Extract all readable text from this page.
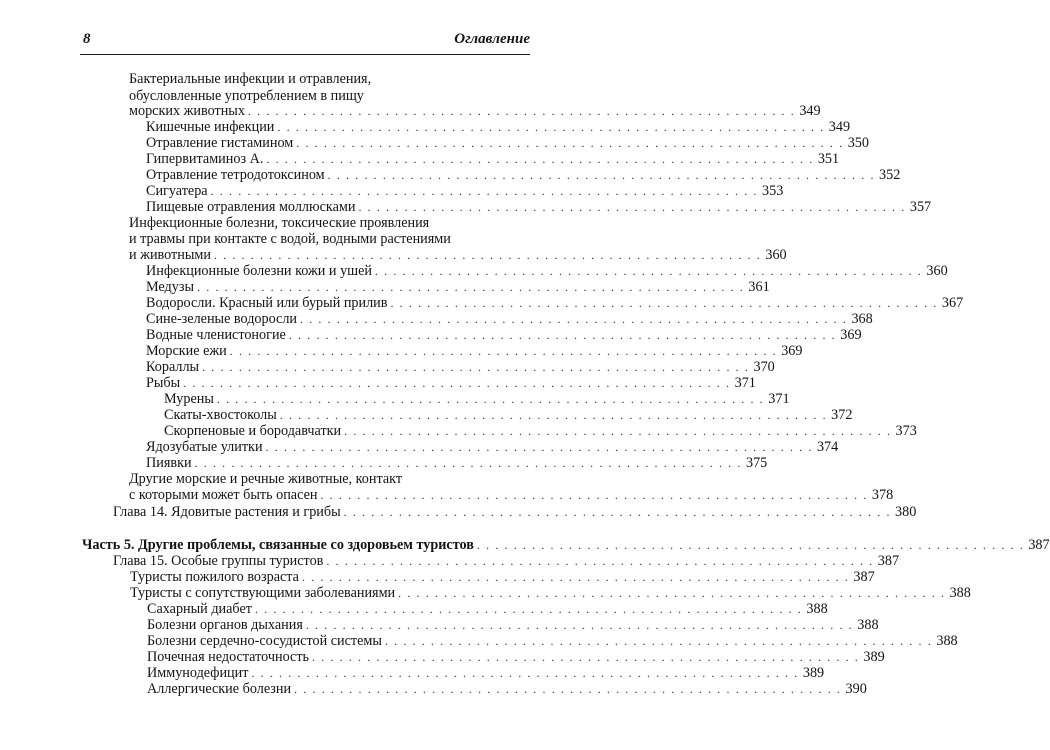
8	Оглавление
Бактериальные инфекции и отравления,
обусловленные употреблением в пищу
морских животных . . . . . . . . . . . . . . . . . . . . . . . . . . . . . . . . . . . . . . . . . . . . . . . . . . . . . . . . . . . . 349
Кишечные инфекции . . . . . . . . . . . . . . . . . . . . . . . . . . . . . . . . . . . . . . . . . . . . . . . . . . . . . . . . . . . . 349
Отравление гистамином . . . . . . . . . . . . . . . . . . . . . . . . . . . . . . . . . . . . . . . . . . . . . . . . . . . . . . . . . . . . 350
Гипервитаминоз А. . . . . . . . . . . . . . . . . . . . . . . . . . . . . . . . . . . . . . . . . . . . . . . . . . . . . . . . . . . . . 351
Отравление тетродотоксином . . . . . . . . . . . . . . . . . . . . . . . . . . . . . . . . . . . . . . . . . . . . . . . . . . . . . . . . . . . . 352
Сигуатера . . . . . . . . . . . . . . . . . . . . . . . . . . . . . . . . . . . . . . . . . . . . . . . . . . . . . . . . . . . . 353
Пищевые отравления моллюсками . . . . . . . . . . . . . . . . . . . . . . . . . . . . . . . . . . . . . . . . . . . . . . . . . . . . . . . . . . . . 357
Инфекционные болезни, токсические проявления
и травмы при контакте с водой, водными растениями
и животными . . . . . . . . . . . . . . . . . . . . . . . . . . . . . . . . . . . . . . . . . . . . . . . . . . . . . . . . . . . . 360
Инфекционные болезни кожи и ушей . . . . . . . . . . . . . . . . . . . . . . . . . . . . . . . . . . . . . . . . . . . . . . . . . . . . . . . . . . . . 360
Медузы . . . . . . . . . . . . . . . . . . . . . . . . . . . . . . . . . . . . . . . . . . . . . . . . . . . . . . . . . . . . 361
Водоросли. Красный или бурый прилив . . . . . . . . . . . . . . . . . . . . . . . . . . . . . . . . . . . . . . . . . . . . . . . . . . . . . . . . . . . . 367
Сине-зеленые водоросли . . . . . . . . . . . . . . . . . . . . . . . . . . . . . . . . . . . . . . . . . . . . . . . . . . . . . . . . . . . . 368
Водные членистоногие . . . . . . . . . . . . . . . . . . . . . . . . . . . . . . . . . . . . . . . . . . . . . . . . . . . . . . . . . . . . 369
Морские ежи . . . . . . . . . . . . . . . . . . . . . . . . . . . . . . . . . . . . . . . . . . . . . . . . . . . . . . . . . . . . 369
Кораллы . . . . . . . . . . . . . . . . . . . . . . . . . . . . . . . . . . . . . . . . . . . . . . . . . . . . . . . . . . . . 370
Рыбы . . . . . . . . . . . . . . . . . . . . . . . . . . . . . . . . . . . . . . . . . . . . . . . . . . . . . . . . . . . . 371
Мурены . . . . . . . . . . . . . . . . . . . . . . . . . . . . . . . . . . . . . . . . . . . . . . . . . . . . . . . . . . . . 371
Скаты-хвостоколы . . . . . . . . . . . . . . . . . . . . . . . . . . . . . . . . . . . . . . . . . . . . . . . . . . . . . . . . . . . . 372
Скорпеновые и бородавчатки . . . . . . . . . . . . . . . . . . . . . . . . . . . . . . . . . . . . . . . . . . . . . . . . . . . . . . . . . . . . 373
Ядозубатые улитки . . . . . . . . . . . . . . . . . . . . . . . . . . . . . . . . . . . . . . . . . . . . . . . . . . . . . . . . . . . . 374
Пиявки . . . . . . . . . . . . . . . . . . . . . . . . . . . . . . . . . . . . . . . . . . . . . . . . . . . . . . . . . . . . 375
Другие морские и речные животные, контакт
с которыми может быть опасен . . . . . . . . . . . . . . . . . . . . . . . . . . . . . . . . . . . . . . . . . . . . . . . . . . . . . . . . . . . . 378
Глава 14. Ядовитые растения и грибы . . . . . . . . . . . . . . . . . . . . . . . . . . . . . . . . . . . . . . . . . . . . . . . . . . . . . . . . . . . . 380
Часть 5. Другие проблемы, связанные со здоровьем туристов . . . . . . . . . . . . . . . . . . . . . . . . . . . . . . . . . . . . . . . . . . . . . . . . . . . . . . . . . . . . 387
Глава 15. Особые группы туристов . . . . . . . . . . . . . . . . . . . . . . . . . . . . . . . . . . . . . . . . . . . . . . . . . . . . . . . . . . . . 387
Туристы пожилого возраста . . . . . . . . . . . . . . . . . . . . . . . . . . . . . . . . . . . . . . . . . . . . . . . . . . . . . . . . . . . . 387
Туристы с сопутствующими заболеваниями . . . . . . . . . . . . . . . . . . . . . . . . . . . . . . . . . . . . . . . . . . . . . . . . . . . . . . . . . . . . 388
Сахарный диабет . . . . . . . . . . . . . . . . . . . . . . . . . . . . . . . . . . . . . . . . . . . . . . . . . . . . . . . . . . . . 388
Болезни органов дыхания . . . . . . . . . . . . . . . . . . . . . . . . . . . . . . . . . . . . . . . . . . . . . . . . . . . . . . . . . . . . 388
Болезни сердечно-сосудистой системы . . . . . . . . . . . . . . . . . . . . . . . . . . . . . . . . . . . . . . . . . . . . . . . . . . . . . . . . . . . . 388
Почечная недостаточность . . . . . . . . . . . . . . . . . . . . . . . . . . . . . . . . . . . . . . . . . . . . . . . . . . . . . . . . . . . . 389
Иммунодефицит . . . . . . . . . . . . . . . . . . . . . . . . . . . . . . . . . . . . . . . . . . . . . . . . . . . . . . . . . . . . 389
Аллергические болезни . . . . . . . . . . . . . . . . . . . . . . . . . . . . . . . . . . . . . . . . . . . . . . . . . . . . . . . . . . . . 390
